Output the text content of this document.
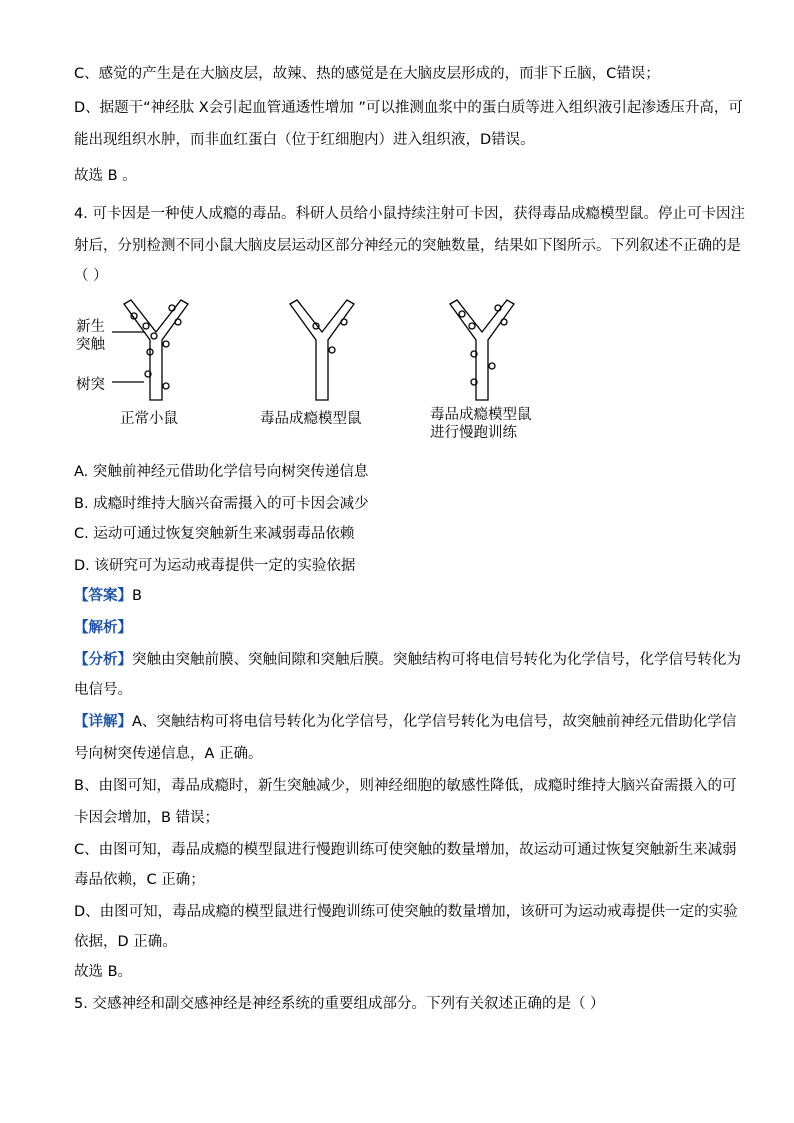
C、感觉的产生是在大脑皮层，故辣、热的感觉是在大脑皮层形成的，而非下丘脑，C错误；
D、据题干“神经肽 X会引起血管通透性增加 ”可以推测血浆中的蛋白质等进入组织液引起渗透压升高，可
能出现组织水肿，而非血红蛋白（位于红细胞内）进入组织液，D错误。
故选 B 。
4. 可卡因是一种使人成瘾的毒品。科研人员给小鼠持续注射可卡因，获得毒品成瘾模型鼠。停止可卡因注
射后，分别检测不同小鼠大脑皮层运动区部分神经元的突触数量，结果如下图所示。下列叙述不正确的是
（ ）
新生
突触
树突
正常小鼠	毒品成瘾模型鼠	毒品成瘾模型鼠
进行慢跑训练
A. 突触前神经元借助化学信号向树突传递信息
B. 成瘾时维持大脑兴奋需摄入的可卡因会减少
C. 运动可通过恢复突触新生来减弱毒品依赖
D. 该研究可为运动戒毒提供一定的实验依据
【答案】B
【解析】
【分析】突触由突触前膜、突触间隙和突触后膜。突触结构可将电信号转化为化学信号，化学信号转化为
电信号。
【详解】A、突触结构可将电信号转化为化学信号，化学信号转化为电信号，故突触前神经元借助化学信
号向树突传递信息，A 正确。
B、由图可知，毒品成瘾时，新生突触减少，则神经细胞的敏感性降低，成瘾时维持大脑兴奋需摄入的可
卡因会增加，B 错误；
C、由图可知，毒品成瘾的模型鼠进行慢跑训练可使突触的数量增加，故运动可通过恢复突触新生来减弱
毒品依赖，C 正确；
D、由图可知，毒品成瘾的模型鼠进行慢跑训练可使突触的数量增加，该研可为运动戒毒提供一定的实验
依据，D 正确。
故选 B。
5. 交感神经和副交感神经是神经系统的重要组成部分。下列有关叙述正确的是（ ）
